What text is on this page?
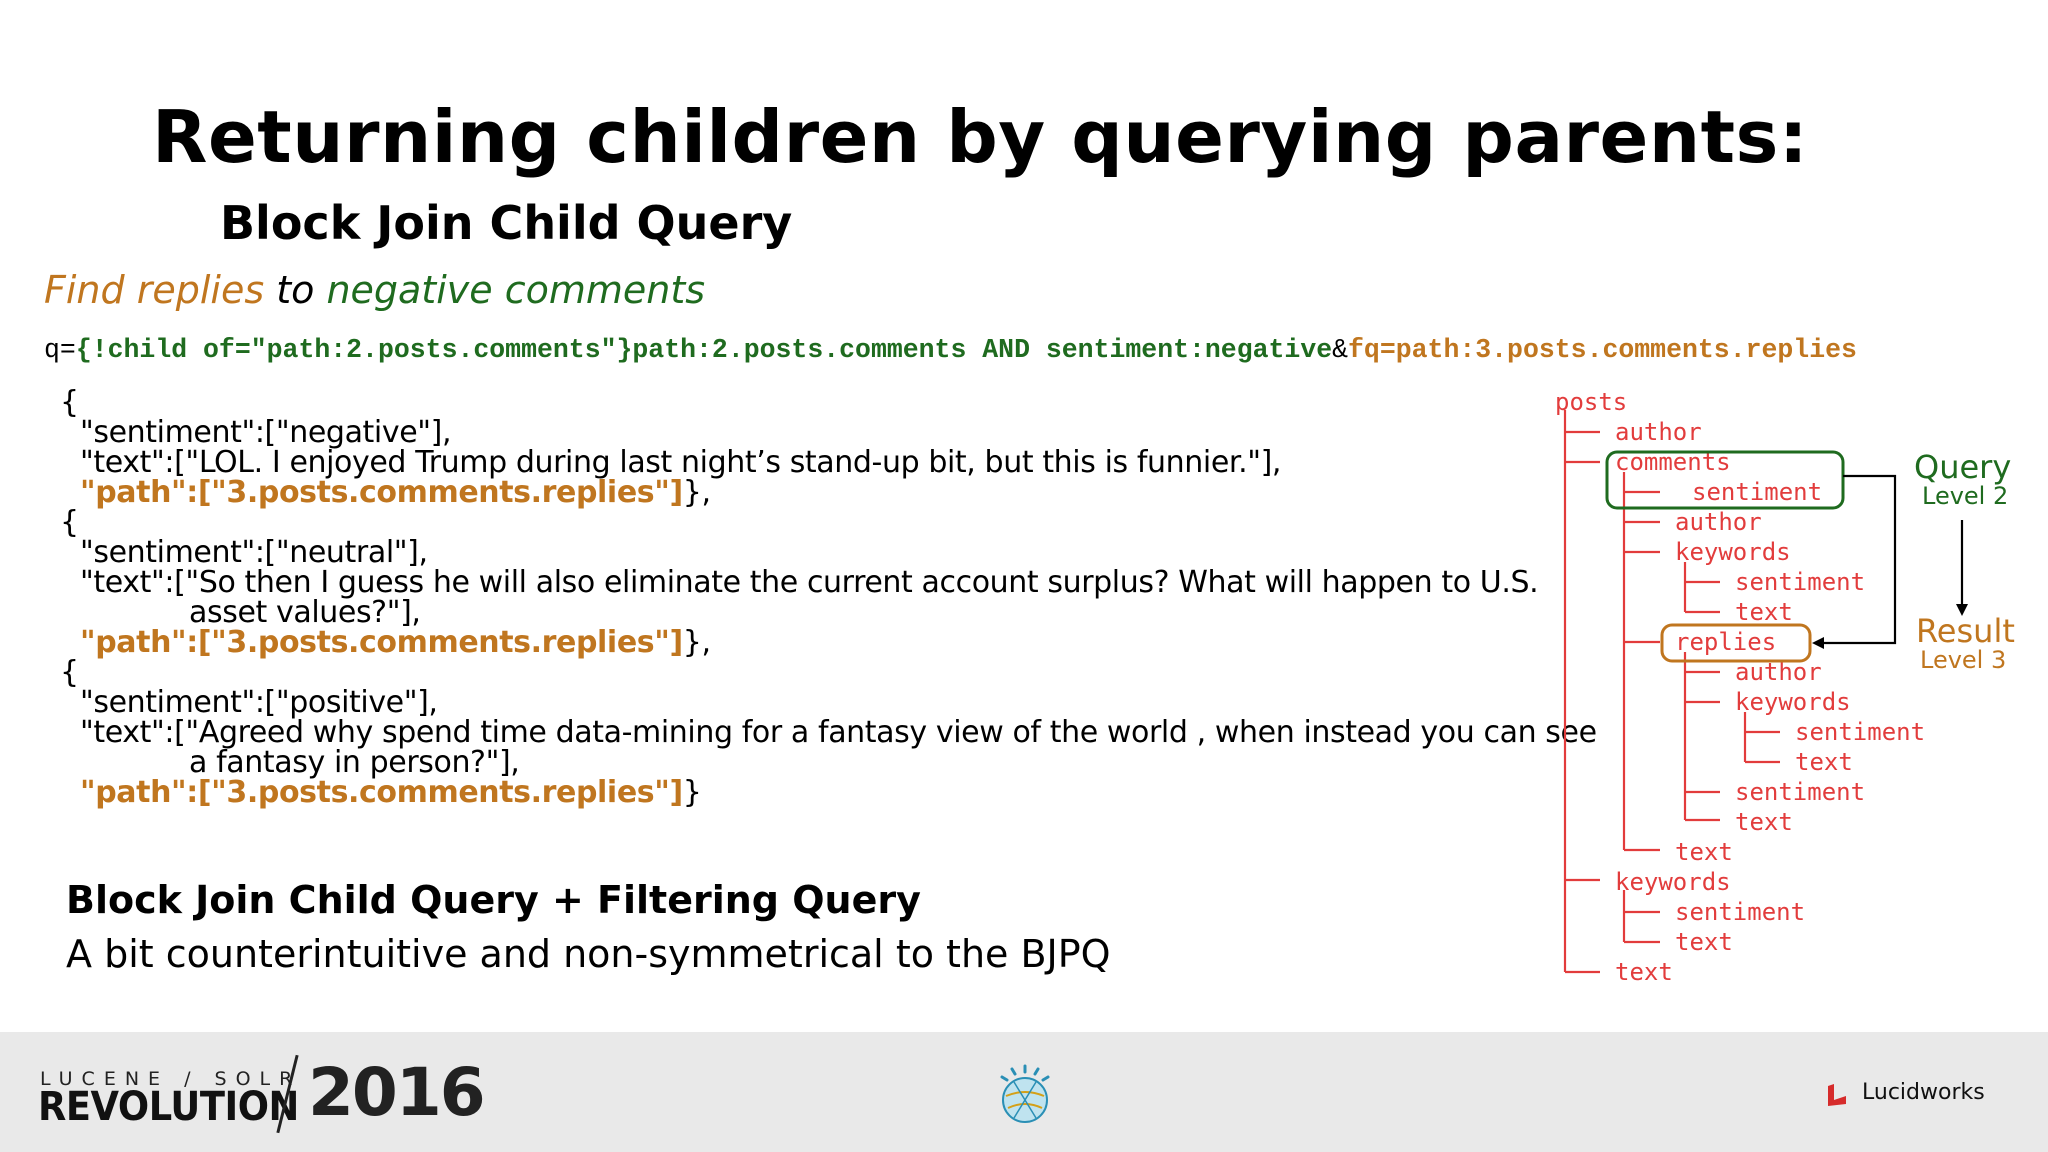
Returning children by querying parents:
Block Join Child Query
Find replies to negative comments
q={!child of="path:2.posts.comments"}path:2.posts.comments AND sentiment:negative&fq=path:3.posts.comments.replies
{
"sentiment":["negative"],
"text":["LOL. I enjoyed Trump during last night’s stand-up bit, but this is funnier."],
"path":["3.posts.comments.replies"]},
{
"sentiment":["neutral"],
"text":["So then I guess he will also eliminate the current account surplus? What will happen to U.S.
asset values?"],
"path":["3.posts.comments.replies"]},
{
"sentiment":["positive"],
"text":["Agreed why spend time data-mining for a fantasy view of the world , when instead you can see
a fantasy in person?"],
"path":["3.posts.comments.replies"]}
Block Join Child Query + Filtering Query
A bit counterintuitive and non-symmetrical to the BJPQ
posts
author
comments
sentiment
author
keywords
sentiment
text
replies
author
keywords
sentiment
text
sentiment
text
text
keywords
sentiment
text
text
Query
Level 2
Result
Level 3
LUCENE / SOLR
REVOLUTION 2016	Lucidworks
